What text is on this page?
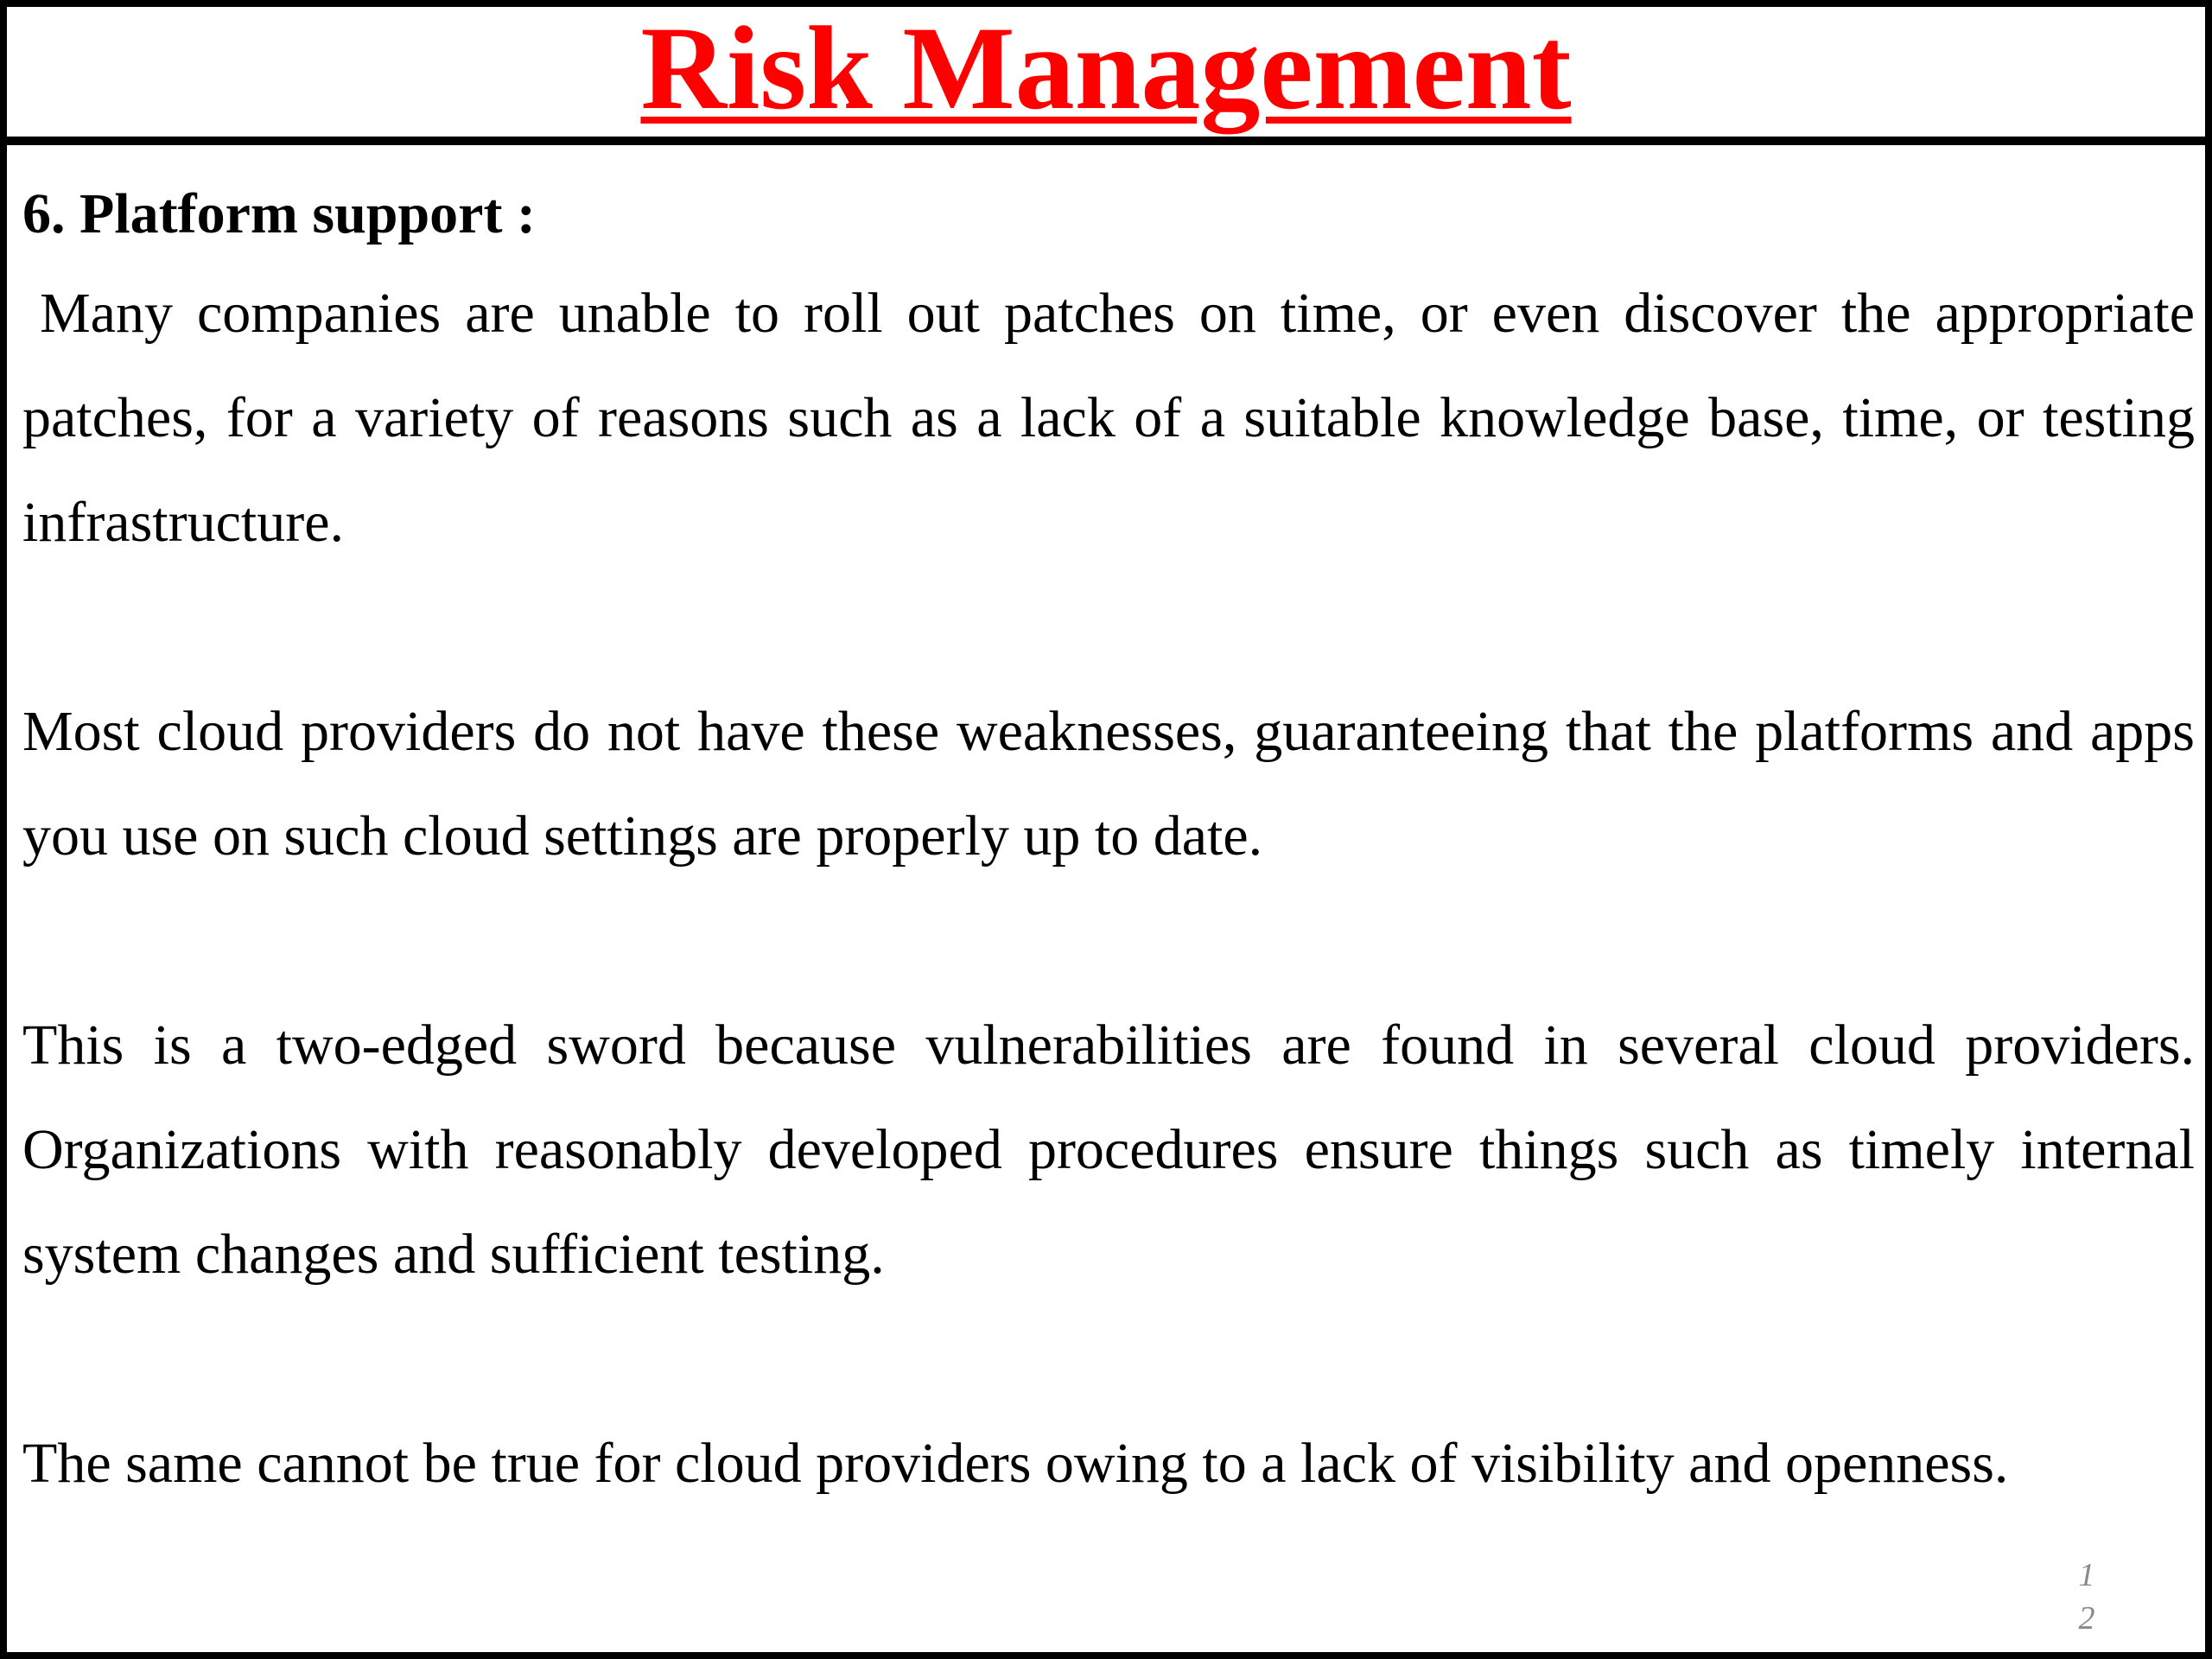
Risk Management
6. Platform support :

Many companies are unable to roll out patches on time, or even discover the appropriate patches, for a variety of reasons such as a lack of a suitable knowledge base, time, or testing infrastructure.

Most cloud providers do not have these weaknesses, guaranteeing that the platforms and apps you use on such cloud settings are properly up to date.

This is a two-edged sword because vulnerabilities are found in several cloud providers. Organizations with reasonably developed procedures ensure things such as timely internal system changes and sufficient testing.

The same cannot be true for cloud providers owing to a lack of visibility and openness.

12
